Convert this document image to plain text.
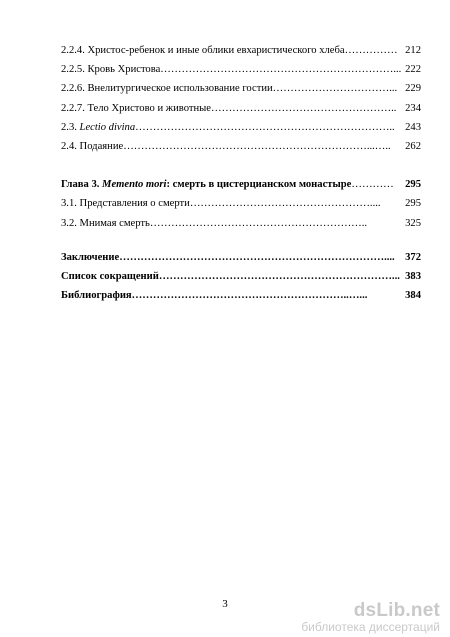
2.2.4. Христос-ребенок и иные облики евхаристического хлеба …………… 212
2.2.5. Кровь Христова …………………………………………………………... 222
2.2.6. Внелитургическое использование гостии ……………………………... 229
2.2.7. Тело Христово и животные …………………………………………….. 234
2.3. Lectio divina ……………………………………………………………….. 243
2.4. Подаяние ……………………………………………………………...…..	262
Глава 3. Memento mori: смерть в цистерцианском монастыре …………	295
3.1. Представления о смерти ……………………………………………....	295
3.2. Мнимая смерть ……………………………………………………..	325
Заключение ………………………………………………………………….... 372
Список сокращений …………………………………………………………... 383
Библиография ……………………………………………………..…...	384
3	dsLib.net
библиотека диссертаций
